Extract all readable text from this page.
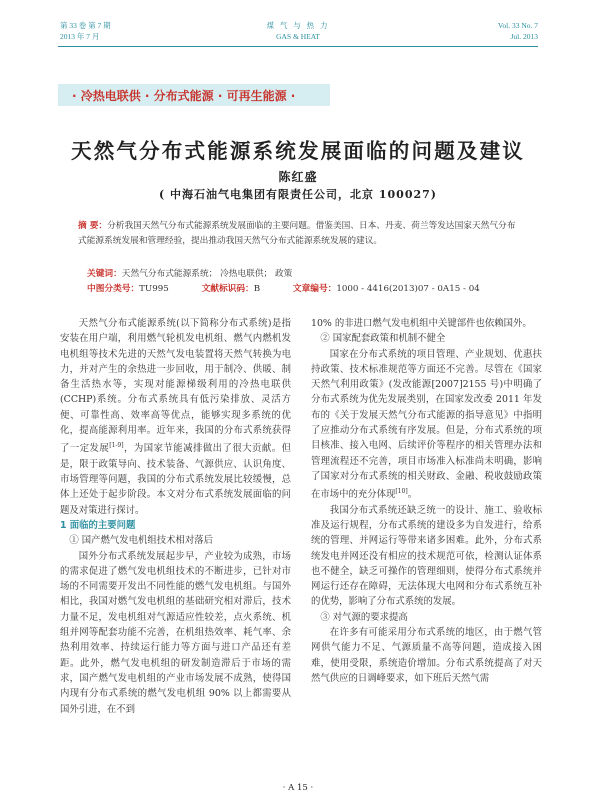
第 33 卷 第 7 期
2013 年 7 月
煤 气 与 热 力
GAS & HEAT
Vol. 33 No. 7
Jul. 2013
· 冷热电联供 · 分布式能源 · 可再生能源 ·
天然气分布式能源系统发展面临的问题及建议
陈红盛
( 中海石油气电集团有限责任公司，北京 100027)
摘 要：分析我国天然气分布式能源系统发展面临的主要问题。借鉴美国、日本、丹麦、荷兰等发达国家天然气分布式能源系统发展和管理经验，提出推动我国天然气分布式能源系统发展的建议。
关键词：天然气分布式能源系统； 冷热电联供； 政策
中图分类号：TU995	文献标识码：B	文章编号：1000 - 4416(2013)07 - 0A15 - 04

天然气分布式能源系统(以下简称分布式系统)是指安装在用户端，利用燃气轮机发电机组、燃气内燃机发电机组等技术先进的天然气发电装置将天然气转换为电力，并对产生的余热进一步回收，用于制冷、供暖、制备生活热水等，实现对能源梯级利用的冷热电联供(CCHP)系统。分布式系统具有低污染排放、灵活方便、可靠性高、效率高等优点，能够实现多系统的优化，提高能源利用率。近年来，我国的分布式系统获得了一定发展[1-9]，为国家节能减排做出了很大贡献。但是，限于政策导向、技术装备、气源供应、认识角度、市场管理等问题，我国的分布式系统发展比较缓慢，总体上还处于起步阶段。本文对分布式系统发展面临的问题及对策进行探讨。

1 面临的主要问题

① 国产燃气发电机组技术相对落后

国外分布式系统发展起步早，产业较为成熟，市场的需求促进了燃气发电机组技术的不断进步，已针对市场的不同需要开发出不同性能的燃气发电机组。与国外相比，我国对燃气发电机组的基础研究相对滞后，技术力量不足，发电机组对气源适应性较差，点火系统、机组并网等配套功能不完善，在机组热效率、耗气率、余热利用效率、持续运行能力等方面与进口产品还有差距。此外，燃气发电机组的研发制造滞后于市场的需求，国产燃气发电机组的产业市场发展不成熟，使得国内现有分布式系统的燃气发电机组 90% 以上都需要从国外引进，在不到

10% 的非进口燃气发电机组中关键部件也依赖国外。

② 国家配套政策和机制不健全

国家在分布式系统的项目管理、产业规划、优惠扶持政策、技术标准规范等方面还不完善。尽管在《国家天然气利用政策》(发改能源[2007]2155 号)中明确了分布式系统为优先发展类别，在国家发改委 2011 年发布的《关于发展天然气分布式能源的指导意见》中指明了应推动分布式系统有序发展。但是，分布式系统的项目核准、接入电网、后续评价等程序的相关管理办法和管理流程还不完善，项目市场准入标准尚未明确，影响了国家对分布式系统的相关财政、金融、税收鼓励政策在市场中的充分体现[10]。

我国分布式系统还缺乏统一的设计、施工、验收标准及运行规程，分布式系统的建设多为自发进行，给系统的管理、并网运行等带来诸多困难。此外，分布式系统发电并网还没有相应的技术规范可依，检测认证体系也不健全，缺乏可操作的管理细则，使得分布式系统并网运行还存在障碍，无法体现大电网和分布式系统互补的优势，影响了分布式系统的发展。

③ 对气源的要求提高

在许多有可能采用分布式系统的地区，由于燃气管网供气能力不足、气源质量不高等问题，造成接入困难，使用受限，系统造价增加。分布式系统提高了对天然气供应的日调峰要求，如下班后天然气需

· A 15 ·
